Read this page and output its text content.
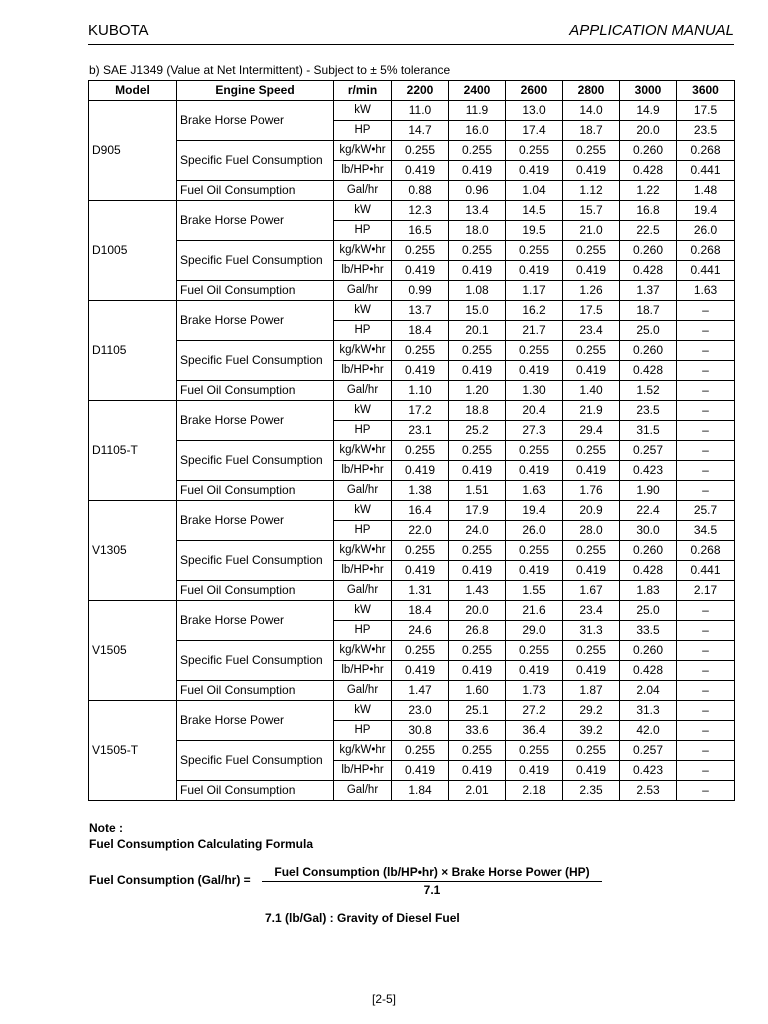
KUBOTA	APPLICATION MANUAL
b) SAE J1349 (Value at Net Intermittent) - Subject to ± 5% tolerance
Model	Engine Speed	r/min	2200	2400	2600	2800	3000	3600
D905	Brake Horse Power	kW	11.0	11.9	13.0	14.0	14.9	17.5
		HP	14.7	16.0	17.4	18.7	20.0	23.5
	Specific Fuel Consumption	kg/kW•hr	0.255	0.255	0.255	0.255	0.260	0.268
		lb/HP•hr	0.419	0.419	0.419	0.419	0.428	0.441
	Fuel Oil Consumption	Gal/hr	0.88	0.96	1.04	1.12	1.22	1.48
D1005	Brake Horse Power	kW	12.3	13.4	14.5	15.7	16.8	19.4
		HP	16.5	18.0	19.5	21.0	22.5	26.0
	Specific Fuel Consumption	kg/kW•hr	0.255	0.255	0.255	0.255	0.260	0.268
		lb/HP•hr	0.419	0.419	0.419	0.419	0.428	0.441
	Fuel Oil Consumption	Gal/hr	0.99	1.08	1.17	1.26	1.37	1.63
D1105	Brake Horse Power	kW	13.7	15.0	16.2	17.5	18.7	–
		HP	18.4	20.1	21.7	23.4	25.0	–
	Specific Fuel Consumption	kg/kW•hr	0.255	0.255	0.255	0.255	0.260	–
		lb/HP•hr	0.419	0.419	0.419	0.419	0.428	–
	Fuel Oil Consumption	Gal/hr	1.10	1.20	1.30	1.40	1.52	–
D1105-T	Brake Horse Power	kW	17.2	18.8	20.4	21.9	23.5	–
		HP	23.1	25.2	27.3	29.4	31.5	–
	Specific Fuel Consumption	kg/kW•hr	0.255	0.255	0.255	0.255	0.257	–
		lb/HP•hr	0.419	0.419	0.419	0.419	0.423	–
	Fuel Oil Consumption	Gal/hr	1.38	1.51	1.63	1.76	1.90	–
V1305	Brake Horse Power	kW	16.4	17.9	19.4	20.9	22.4	25.7
		HP	22.0	24.0	26.0	28.0	30.0	34.5
	Specific Fuel Consumption	kg/kW•hr	0.255	0.255	0.255	0.255	0.260	0.268
		lb/HP•hr	0.419	0.419	0.419	0.419	0.428	0.441
	Fuel Oil Consumption	Gal/hr	1.31	1.43	1.55	1.67	1.83	2.17
V1505	Brake Horse Power	kW	18.4	20.0	21.6	23.4	25.0	–
		HP	24.6	26.8	29.0	31.3	33.5	–
	Specific Fuel Consumption	kg/kW•hr	0.255	0.255	0.255	0.255	0.260	–
		lb/HP•hr	0.419	0.419	0.419	0.419	0.428	–
	Fuel Oil Consumption	Gal/hr	1.47	1.60	1.73	1.87	2.04	–
V1505-T	Brake Horse Power	kW	23.0	25.1	27.2	29.2	31.3	–
		HP	30.8	33.6	36.4	39.2	42.0	–
	Specific Fuel Consumption	kg/kW•hr	0.255	0.255	0.255	0.255	0.257	–
		lb/HP•hr	0.419	0.419	0.419	0.419	0.423	–
	Fuel Oil Consumption	Gal/hr	1.84	2.01	2.18	2.35	2.53	–
Note :
Fuel Consumption Calculating Formula
Fuel Consumption (Gal/hr) =
Fuel Consumption (lb/HP•hr) × Brake Horse Power (HP)
7.1
7.1 (lb/Gal) : Gravity of Diesel Fuel
[2-5]
